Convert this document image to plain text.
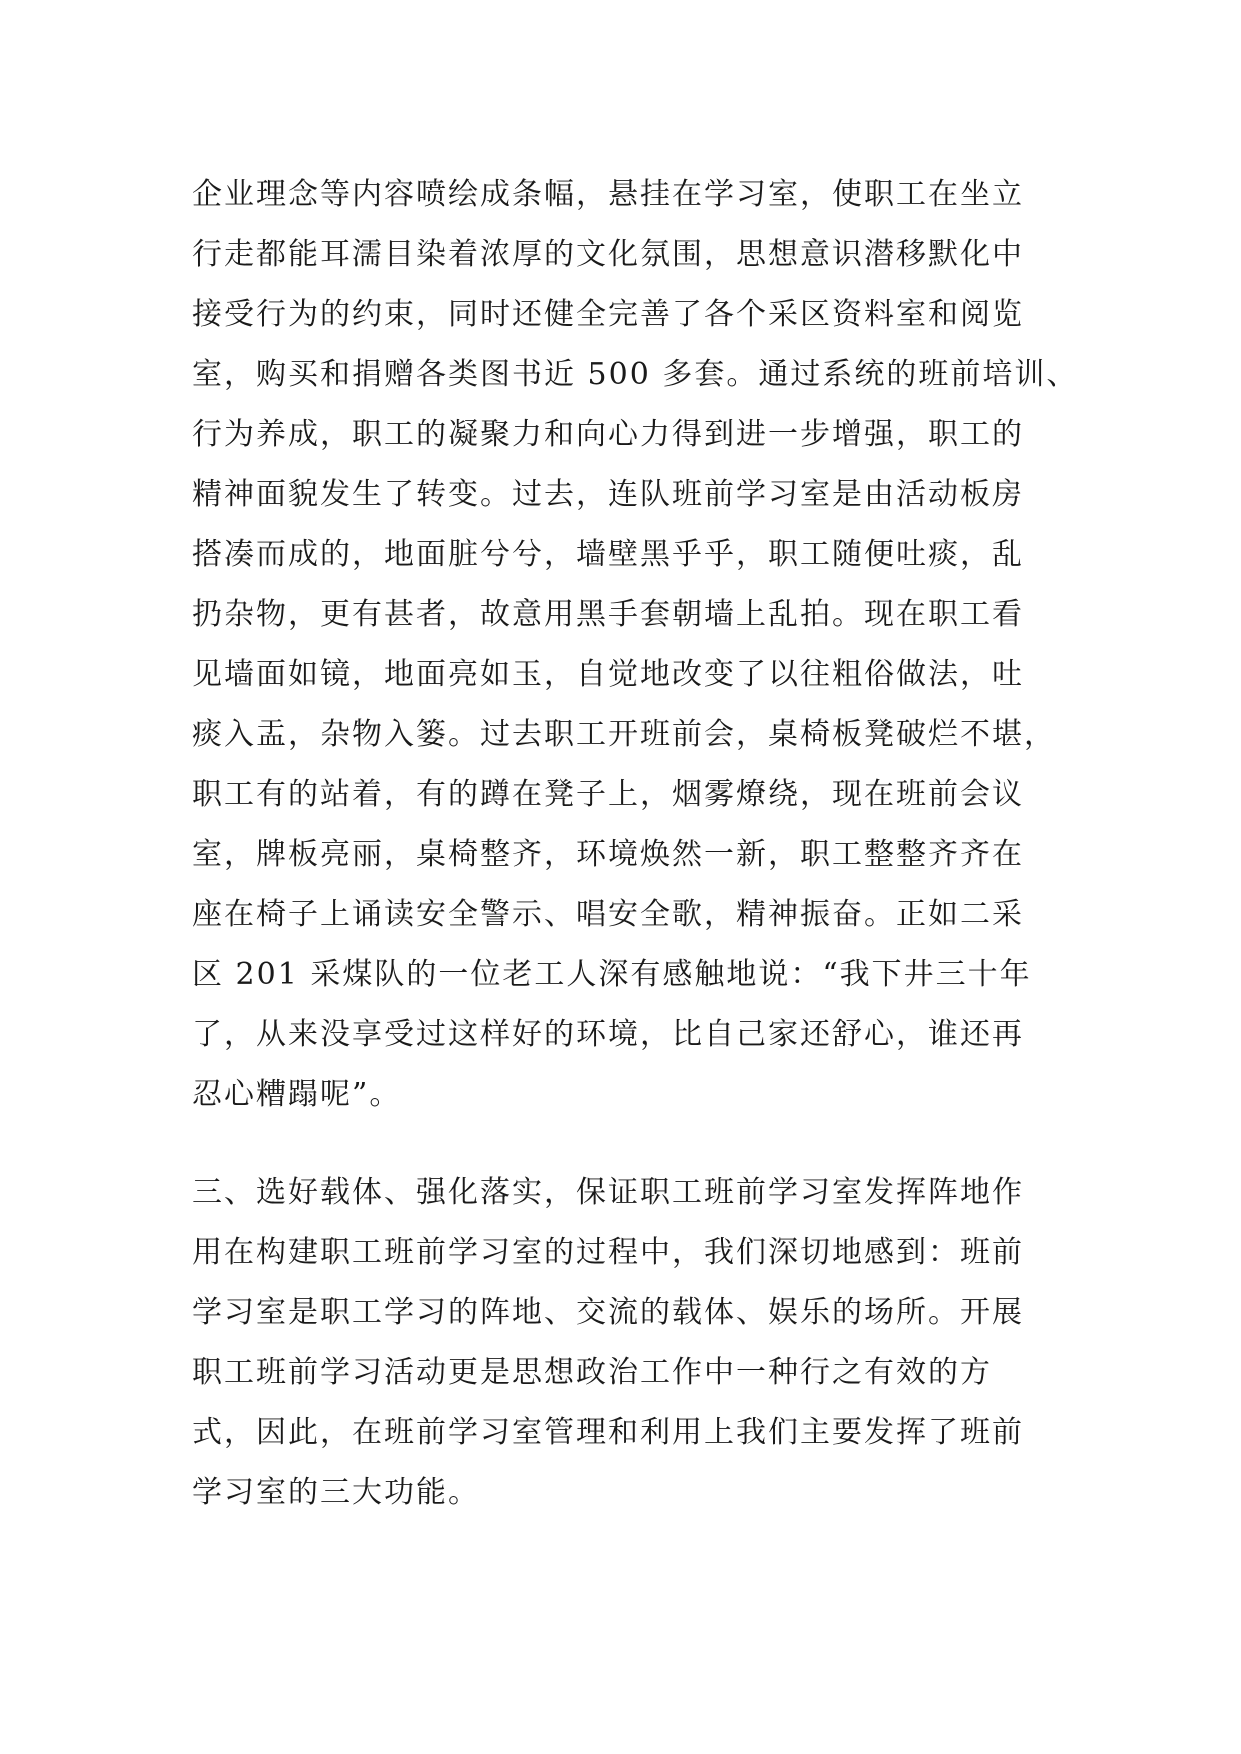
企业理念等内容喷绘成条幅，悬挂在学习室，使职工在坐立

行走都能耳濡目染着浓厚的文化氛围，思想意识潜移默化中

接受行为的约束，同时还健全完善了各个采区资料室和阅览

室，购买和捐赠各类图书近 500 多套。通过系统的班前培训、

行为养成，职工的凝聚力和向心力得到进一步增强，职工的

精神面貌发生了转变。过去，连队班前学习室是由活动板房

搭凑而成的，地面脏兮兮，墙壁黑乎乎，职工随便吐痰，乱

扔杂物，更有甚者，故意用黑手套朝墙上乱拍。现在职工看

见墙面如镜，地面亮如玉，自觉地改变了以往粗俗做法，吐

痰入盂，杂物入篓。过去职工开班前会，桌椅板凳破烂不堪，

职工有的站着，有的蹲在凳子上，烟雾燎绕，现在班前会议

室，牌板亮丽，桌椅整齐，环境焕然一新，职工整整齐齐在

座在椅子上诵读安全警示、唱安全歌，精神振奋。正如二采

区 201 采煤队的一位老工人深有感触地说：“我下井三十年

了，从来没享受过这样好的环境，比自己家还舒心，谁还再

忍心糟蹋呢”。

三、选好载体、强化落实，保证职工班前学习室发挥阵地作

用在构建职工班前学习室的过程中，我们深切地感到：班前

学习室是职工学习的阵地、交流的载体、娱乐的场所。开展

职工班前学习活动更是思想政治工作中一种行之有效的方

式，因此，在班前学习室管理和利用上我们主要发挥了班前

学习室的三大功能。
